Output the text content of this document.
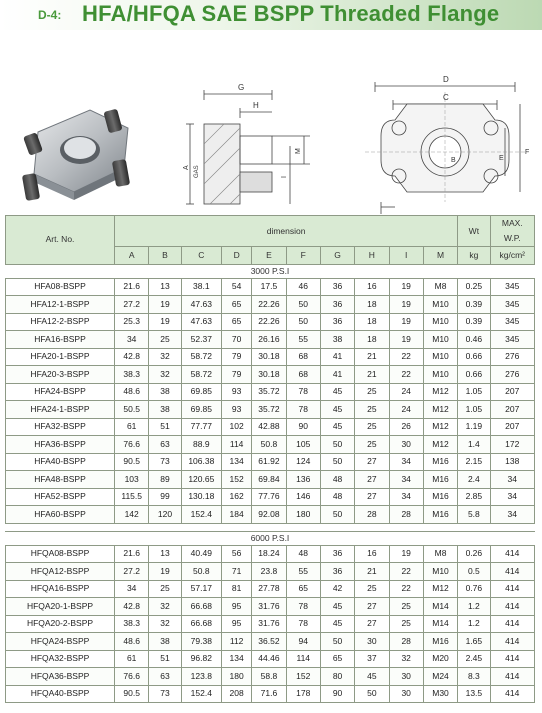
D-4: HFA/HFQA SAE BSPP Threaded Flange
G
H
A GAS
M
I
D
C
F
E
B
Art. No.	dimension										Wt	MAX.
W.P.
	A	B	C	D	E	F	G	H	I	M	kg	kg/cm²
3000 P.S.I												
HFA08-BSPP	21.6	13	38.1	54	17.5	46	36	16	19	M8	0.25	345
HFA12-1-BSPP	27.2	19	47.63	65	22.26	50	36	18	19	M10	0.39	345
HFA12-2-BSPP	25.3	19	47.63	65	22.26	50	36	18	19	M10	0.39	345
HFA16-BSPP	34	25	52.37	70	26.16	55	38	18	19	M10	0.46	345
HFA20-1-BSPP	42.8	32	58.72	79	30.18	68	41	21	22	M10	0.66	276
HFA20-3-BSPP	38.3	32	58.72	79	30.18	68	41	21	22	M10	0.66	276
HFA24-BSPP	48.6	38	69.85	93	35.72	78	45	25	24	M12	1.05	207
HFA24-1-BSPP	50.5	38	69.85	93	35.72	78	45	25	24	M12	1.05	207
HFA32-BSPP	61	51	77.77	102	42.88	90	45	25	26	M12	1.19	207
HFA36-BSPP	76.6	63	88.9	114	50.8	105	50	25	30	M12	1.4	172
HFA40-BSPP	90.5	73	106.38	134	61.92	124	50	27	34	M16	2.15	138
HFA48-BSPP	103	89	120.65	152	69.84	136	48	27	34	M16	2.4	34
HFA52-BSPP	115.5	99	130.18	162	77.76	146	48	27	34	M16	2.85	34
HFA60-BSPP	142	120	152.4	184	92.08	180	50	28	28	M16	5.8	34

6000 P.S.I												
HFQA08-BSPP	21.6	13	40.49	56	18.24	48	36	16	19	M8	0.26	414
HFQA12-BSPP	27.2	19	50.8	71	23.8	55	36	21	22	M10	0.5	414
HFQA16-BSPP	34	25	57.17	81	27.78	65	42	25	22	M12	0.76	414
HFQA20-1-BSPP	42.8	32	66.68	95	31.76	78	45	27	25	M14	1.2	414
HFQA20-2-BSPP	38.3	32	66.68	95	31.76	78	45	27	25	M14	1.2	414
HFQA24-BSPP	48.6	38	79.38	112	36.52	94	50	30	28	M16	1.65	414
HFQA32-BSPP	61	51	96.82	134	44.46	114	65	37	32	M20	2.45	414
HFQA36-BSPP	76.6	63	123.8	180	58.8	152	80	45	30	M24	8.3	414
HFQA40-BSPP	90.5	73	152.4	208	71.6	178	90	50	30	M30	13.5	414
